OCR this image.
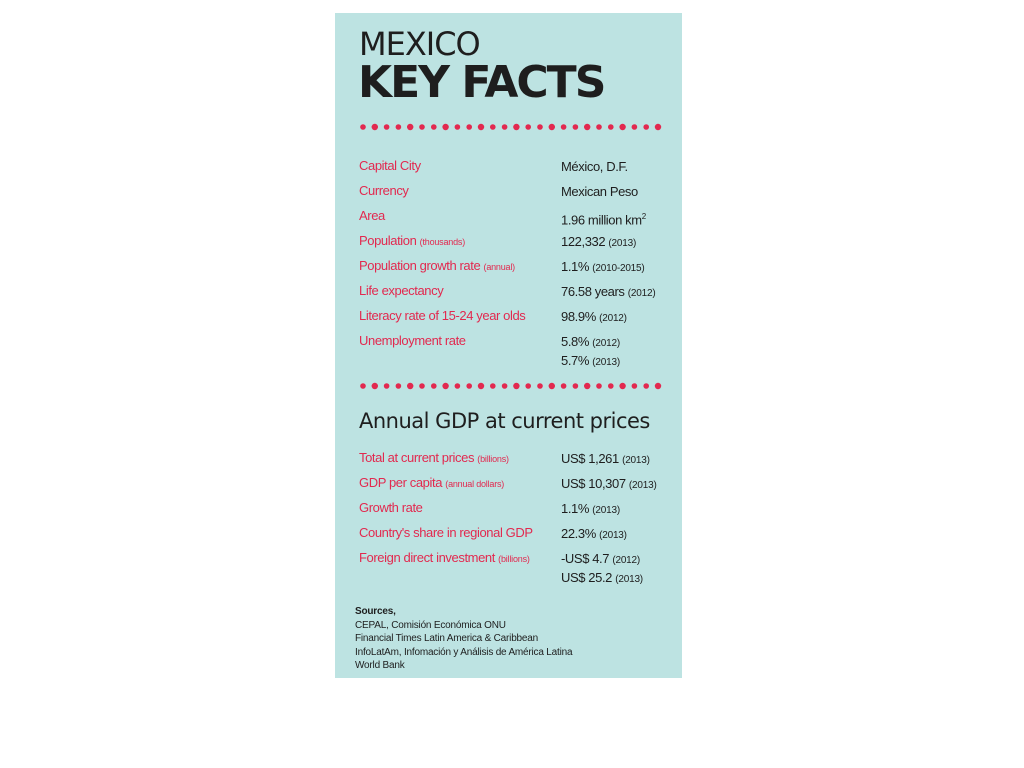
MEXICO
KEY FACTS
Capital City	México, D.F.
Currency	Mexican Peso
Area	1.96 million $km^2$
Population (thousands)	122,332 (2013)
Population growth rate (annual)	1.1% (2010-2015)
Life expectancy	76.58 years (2012)
Literacy rate of 15-24 year olds	98.9% (2012)
Unemployment rate	5.8% (2012)
5.7% (2013)
Annual GDP at current prices
Total at current prices (billions)	US$ 1,261 (2013)
GDP per capita (annual dollars)	US$ 10,307 (2013)
Growth rate	1.1% (2013)
Country's share in regional GDP 22.3% (2013)
Foreign direct investment (billions) -US$ 4.7 (2012)
US$ 25.2 (2013)
Sources,
CEPAL, Comisión Económica ONU
Financial Times Latin America & Caribbean
InfoLatAm, Infomación y Análisis de América Latina
World Bank
